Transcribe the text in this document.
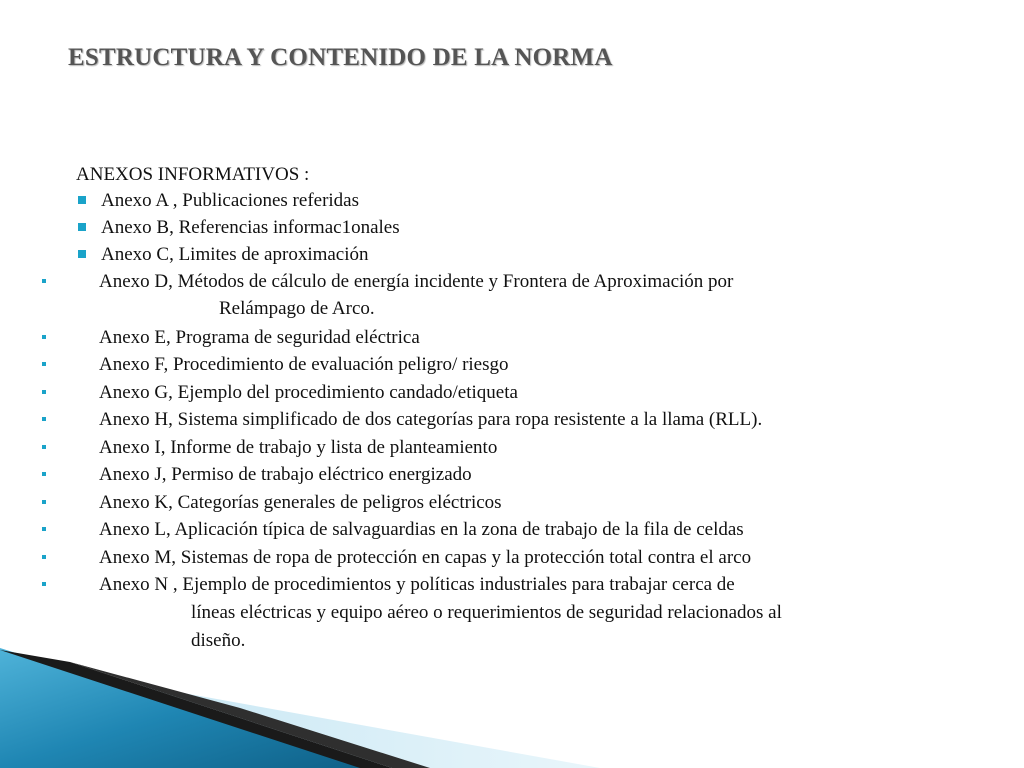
ESTRUCTURA Y CONTENIDO DE LA NORMA
ANEXOS INFORMATIVOS :
Anexo A , Publicaciones referidas
Anexo B, Referencias informac1onales
Anexo C, Limites de aproximación
Anexo D, Métodos de cálculo de energía incidente y Frontera de Aproximación por
Relámpago de Arco.
Anexo E, Programa de seguridad eléctrica
Anexo F, Procedimiento de evaluación peligro/ riesgo
Anexo G, Ejemplo del procedimiento candado/etiqueta
Anexo H, Sistema simplificado de dos categorías para ropa resistente a la llama (RLL).
Anexo I, Informe de trabajo y lista de planteamiento
Anexo J, Permiso de trabajo eléctrico energizado
Anexo K, Categorías generales de peligros eléctricos
Anexo L, Aplicación típica de salvaguardias en la zona de trabajo de la fila de celdas
Anexo M, Sistemas de ropa de protección en capas y la protección total contra el arco
Anexo N , Ejemplo de procedimientos y políticas industriales para trabajar cerca de
líneas eléctricas y equipo aéreo o requerimientos de seguridad relacionados al
diseño.
